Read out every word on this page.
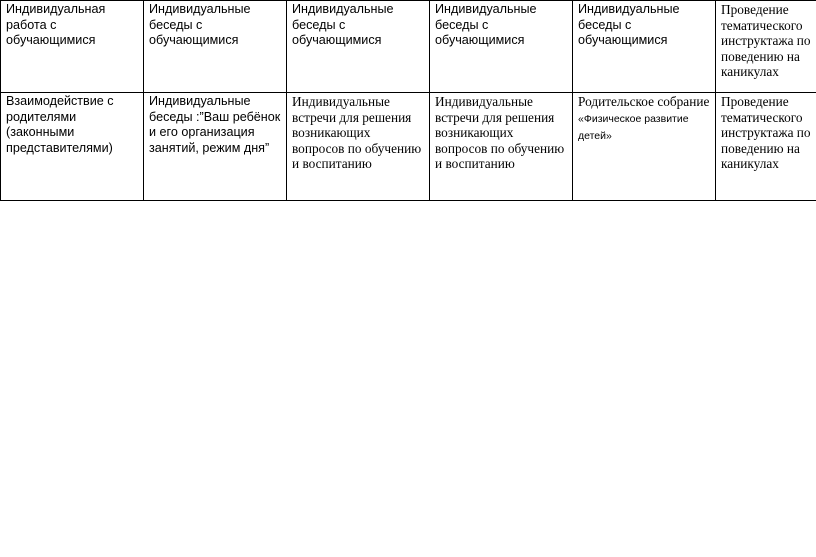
Индивидуальная работа с обучающимися	Индивидуальные беседы с обучающимися	Индивидуальные беседы с обучающимися	Индивидуальные беседы с обучающимися	Индивидуальные беседы с обучающимися	Проведение тематического инструктажа по поведению на каникулах
Взаимодействие с родителями (законными представителями)	Индивидуальные беседы :”Ваш ребёнок и его организация занятий, режим дня”	Индивидуальные встречи для решения возникающих вопросов по обучению и воспитанию	Индивидуальные встречи для решения возникающих вопросов по обучению и воспитанию	Родительское собрание «Физическое развитие детей»	Проведение тематического инструктажа по поведению на каникулах
